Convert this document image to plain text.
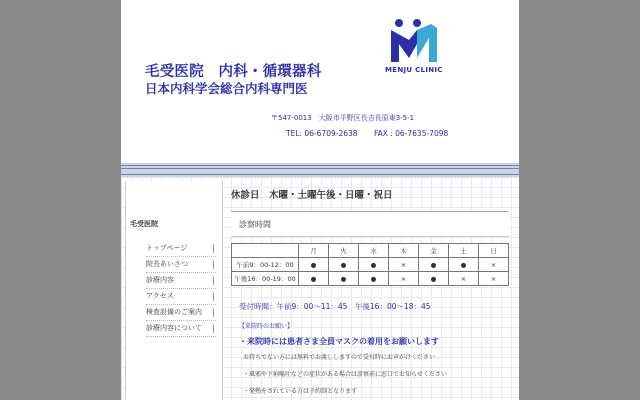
毛受医院　内科・循環器科
日本内科学会総合内科専門医
MENJU CLINIC
〒547-0013　大阪市平野区長吉長原東3-5-1
TEL: 06-6709-2638 FAX : 06-7635-7098
毛受医院
トップページ
院長あいさつ
診療内容
アクセス
検査設備のご案内
診療内容について
休診日　木曜・土曜午後・日曜・祝日
診察時間
	月	火	水	木	金	土	日
午前9：00-12：00	●	●	●	×	●	●	×
午後16：00-19：00	●	●	●	×	●	×	×
受付時間：午前9：00〜11：45　午後16：00〜18：45
【来院時のお願い】
・来院時には患者さま全員マスクの着用をお願いします
お持ちでない方には無料でお渡ししますので受付時にお声がけください
・風邪や下痢嘔吐などの症状がある場合は診察前に窓口でお知らせください
・発熱をされている方は予約制となります
